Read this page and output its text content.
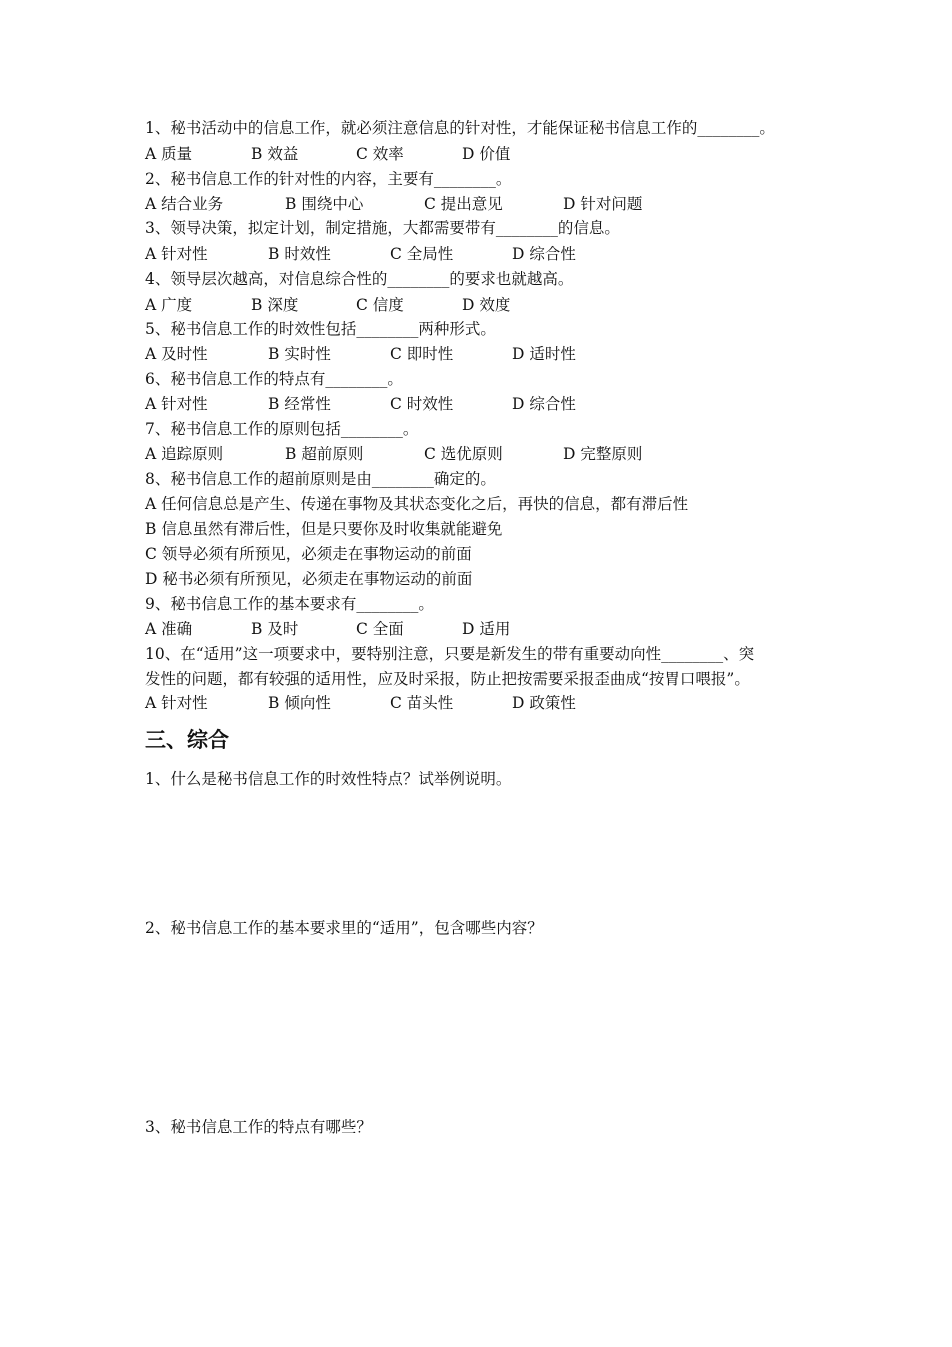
1、秘书活动中的信息工作，就必须注意信息的针对性，才能保证秘书信息工作的________。
A 质量	B 效益	C 效率	D 价值
2、秘书信息工作的针对性的内容，主要有________。
A 结合业务	B 围绕中心	C 提出意见	D 针对问题
3、领导决策，拟定计划，制定措施，大都需要带有________的信息。
A 针对性	B 时效性	C 全局性	D 综合性
4、领导层次越高，对信息综合性的________的要求也就越高。
A 广度	B 深度	C 信度	D 效度
5、秘书信息工作的时效性包括________两种形式。
A 及时性	B 实时性	C 即时性	D 适时性
6、秘书信息工作的特点有________。
A 针对性	B 经常性	C 时效性	D 综合性
7、秘书信息工作的原则包括________。
A 追踪原则	B 超前原则	C 选优原则	D 完整原则
8、秘书信息工作的超前原则是由________确定的。
A 任何信息总是产生、传递在事物及其状态变化之后，再快的信息，都有滞后性
B 信息虽然有滞后性，但是只要你及时收集就能避免
C 领导必须有所预见，必须走在事物运动的前面
D 秘书必须有所预见，必须走在事物运动的前面
9、秘书信息工作的基本要求有________。
A 准确	B 及时	C 全面	D 适用
10、在“适用”这一项要求中，要特别注意，只要是新发生的带有重要动向性________、突
发性的问题，都有较强的适用性，应及时采报，防止把按需要采报歪曲成“按胃口喂报”。
A 针对性	B 倾向性	C 苗头性	D 政策性
三、综合
1、什么是秘书信息工作的时效性特点？试举例说明。
2、秘书信息工作的基本要求里的“适用”，包含哪些内容？
3、秘书信息工作的特点有哪些？
